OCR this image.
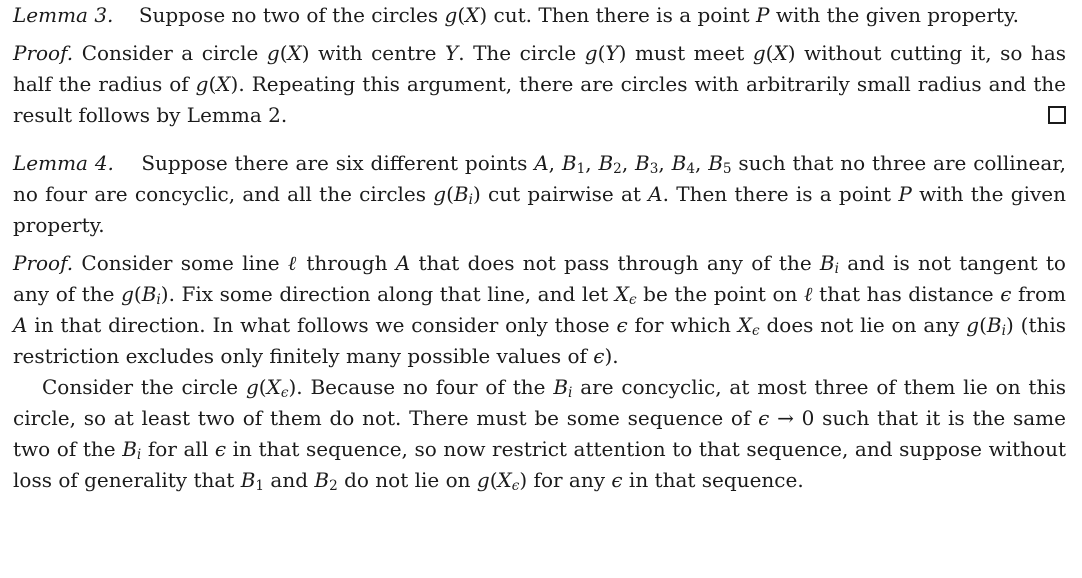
Lemma 3.    Suppose no two of the circles g(X) cut. Then there is a point P with the given property.

Proof. Consider a circle g(X) with centre Y. The circle g(Y) must meet g(X) without cutting it, so has half the radius of g(X). Repeating this argument, there are circles with arbitrarily small radius and the result follows by Lemma 2.

Lemma 4.    Suppose there are six different points A, $B_1$, $B_2$, $B_3$, $B_4$, $B_5$ such that no three are collinear, no four are concyclic, and all the circles $g(B_i)$ cut pairwise at A. Then there is a point P with the given property.

Proof. Consider some line ℓ through A that does not pass through any of the $B_i$ and is not tangent to any of the $g(B_i)$. Fix some direction along that line, and let $X_\epsilon$ be the point on ℓ that has distance ϵ from A in that direction. In what follows we consider only those ϵ for which $X_\epsilon$ does not lie on any $g(B_i)$ (this restriction excludes only finitely many possible values of ϵ).

Consider the circle $g(X_\epsilon)$. Because no four of the $B_i$ are concyclic, at most three of them lie on this circle, so at least two of them do not. There must be some sequence of ϵ → 0 such that it is the same two of the $B_i$ for all ϵ in that sequence, so now restrict attention to that sequence, and suppose without loss of generality that $B_1$ and $B_2$ do not lie on $g(X_\epsilon)$ for any ϵ in that sequence.
